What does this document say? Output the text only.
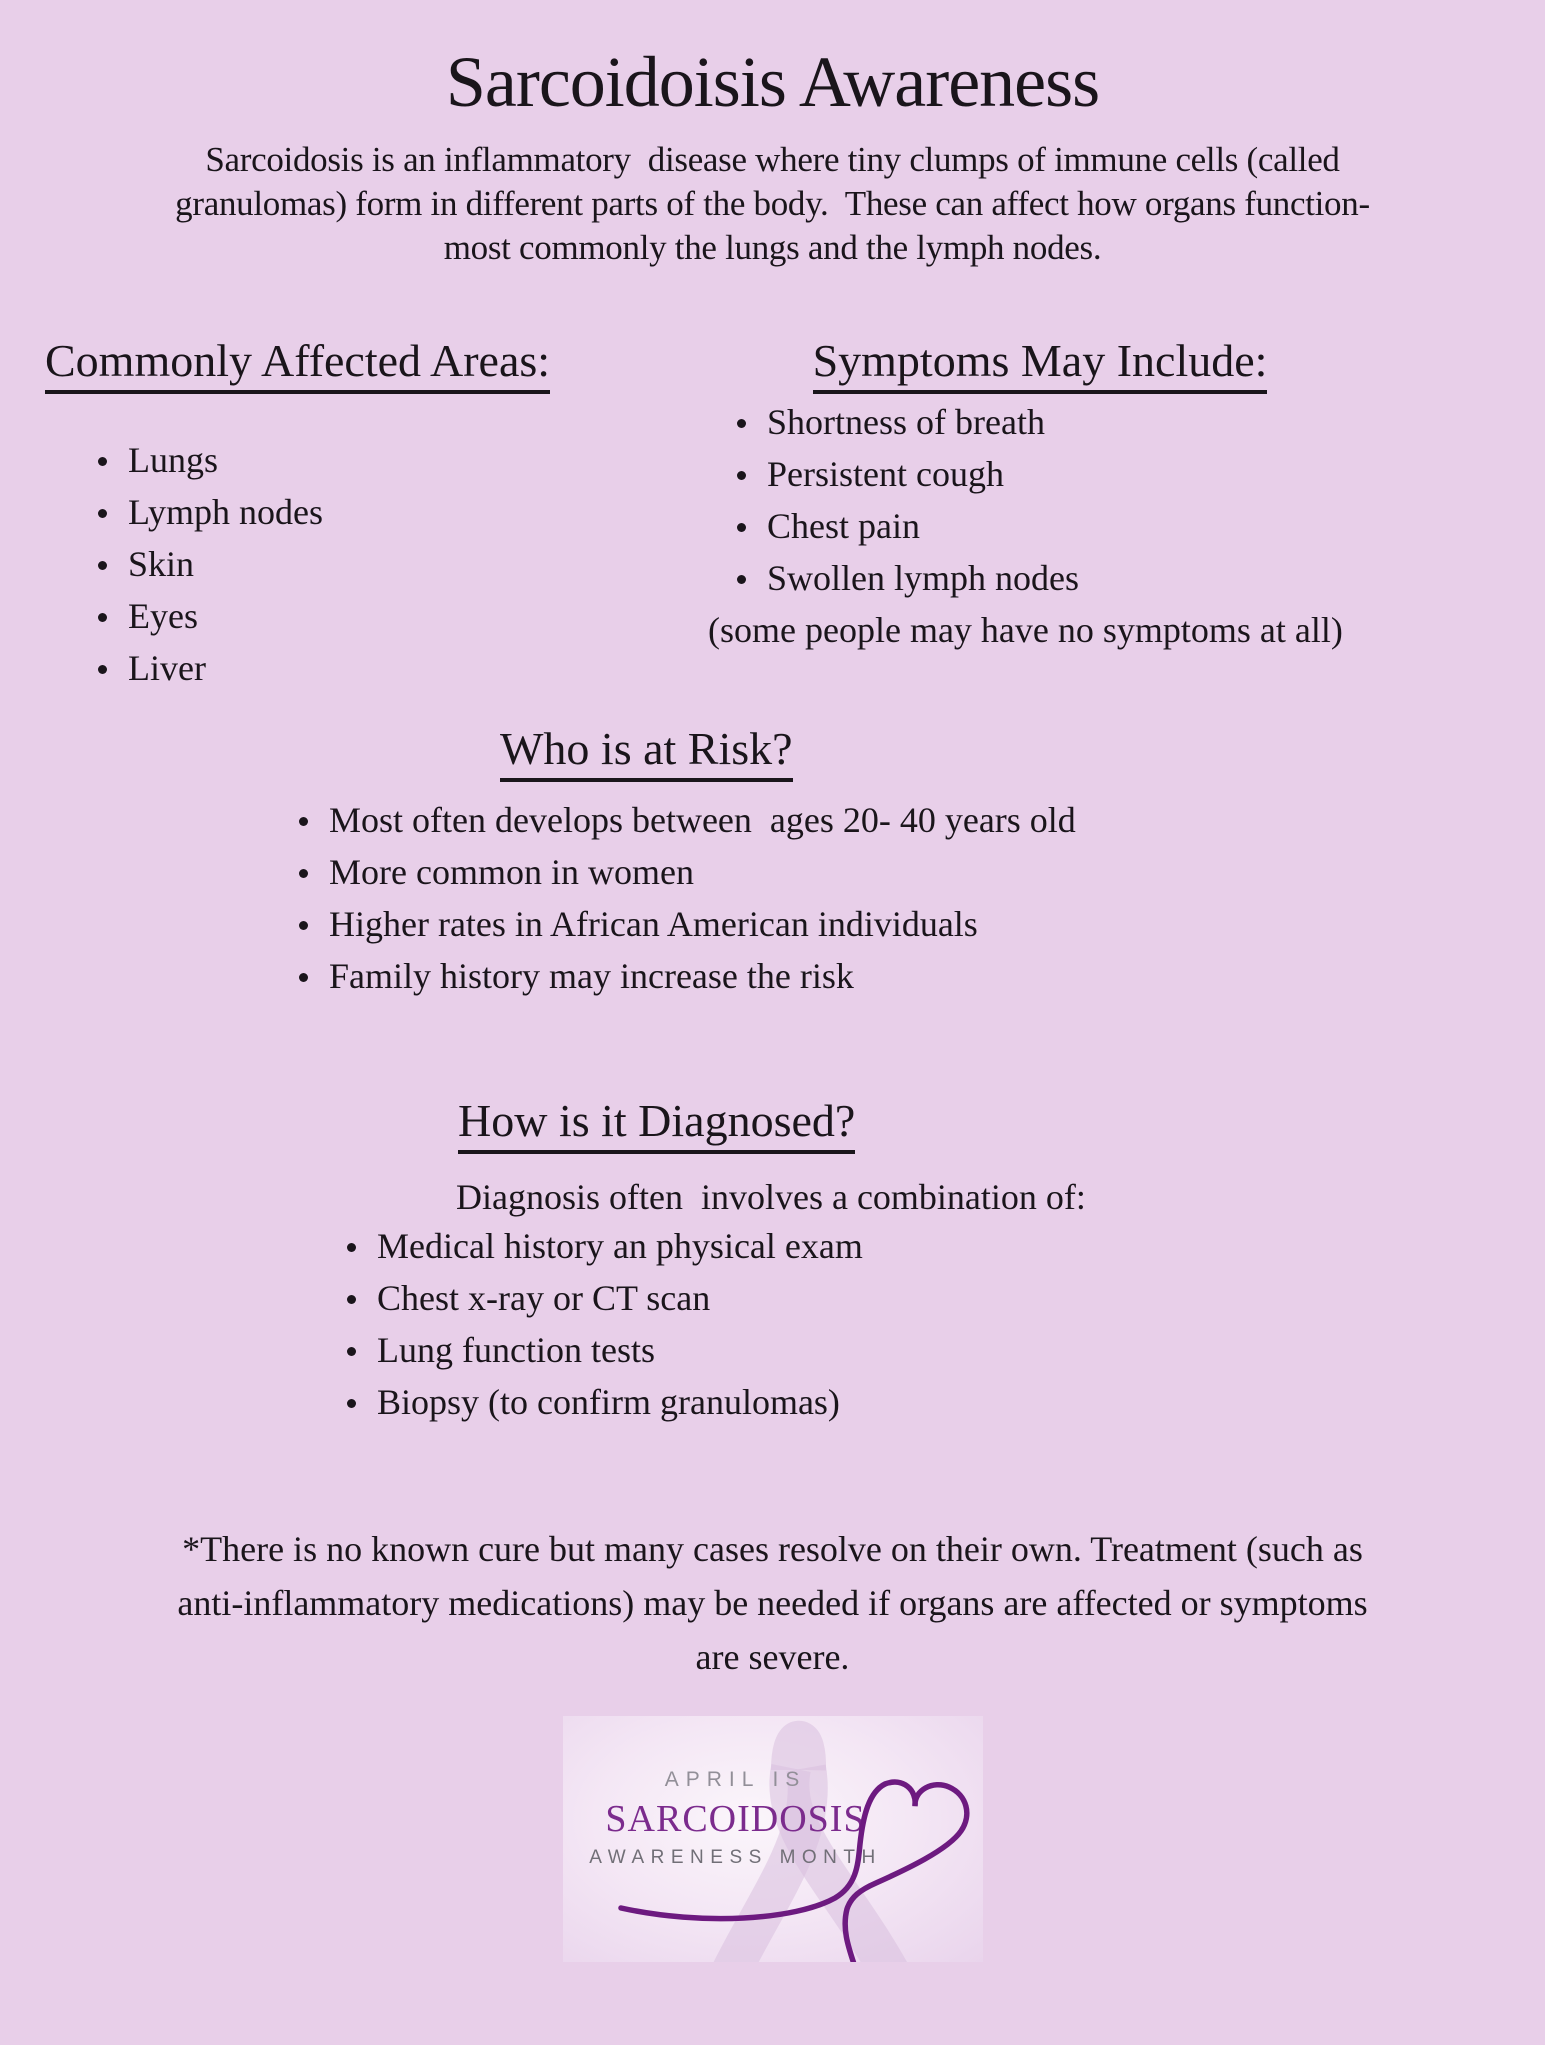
Sarcoidoisis Awareness
Sarcoidosis is an inflammatory  disease where tiny clumps of immune cells (called
granulomas) form in different parts of the body.  These can affect how organs function-
most commonly the lungs and the lymph nodes.
Commonly Affected Areas:
Lungs
Lymph nodes
Skin
Eyes
Liver
Symptoms May Include:
Shortness of breath
Persistent cough
Chest pain
Swollen lymph nodes
(some people may have no symptoms at all)
Who is at Risk?
Most often develops between  ages 20- 40 years old
More common in women
Higher rates in African American individuals
Family history may increase the risk
How is it Diagnosed?

Diagnosis often  involves a combination of:

Medical history an physical exam
Chest x-ray or CT scan
Lung function tests
Biopsy (to confirm granulomas)
*There is no known cure but many cases resolve on their own. Treatment (such as
anti-inflammatory medications) may be needed if organs are affected or symptoms
are severe.
APRIL IS
SARCOIDOSIS
AWARENESS MONTH
